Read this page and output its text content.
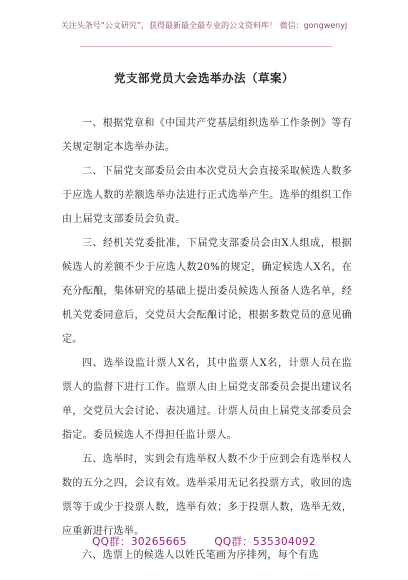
关注头条号“公文研究”，获得最新最全最专业的公文资料库！ 微信：gongwenyj
党支部党员大会选举办法（草案）

一、根据党章和《中国共产党基层组织选举工作条例》等有关规定制定本选举办法。

二、下届党支部委员会由本次党员大会直接采取候选人数多于应选人数的差额选举办法进行正式选举产生。选举的组织工作由上届党支部委员会负责。

三、经机关党委批准，下届党支部委员会由X人组成，根据候选人的差额不少于应选人数20%的规定，确定候选人X名，在充分酝酿，集体研究的基础上提出委员候选人预备人选名单，经机关党委同意后，交党员大会酝酿讨论，根据多数党员的意见确定。

四、选举设监计票人X名，其中监票人X名，计票人员在监票人的监督下进行工作。监票人由上届党支部委员会提出建议名单，交党员大会讨论、表决通过。计票人员由上届党支部委员会指定。委员候选人不得担任监计票人。

五、选举时，实到会有选举权人数不少于应到会有选举权人数的五分之四，会议有效。选举采用无记名投票方式，收回的选票等于或少于投票人数，选举有效；多于投票人数，选举无效，应重新进行选举。

六、选票上的候选人以姓氏笔画为序排列，每个有选

QQ群：30265665	QQ群：535304092
